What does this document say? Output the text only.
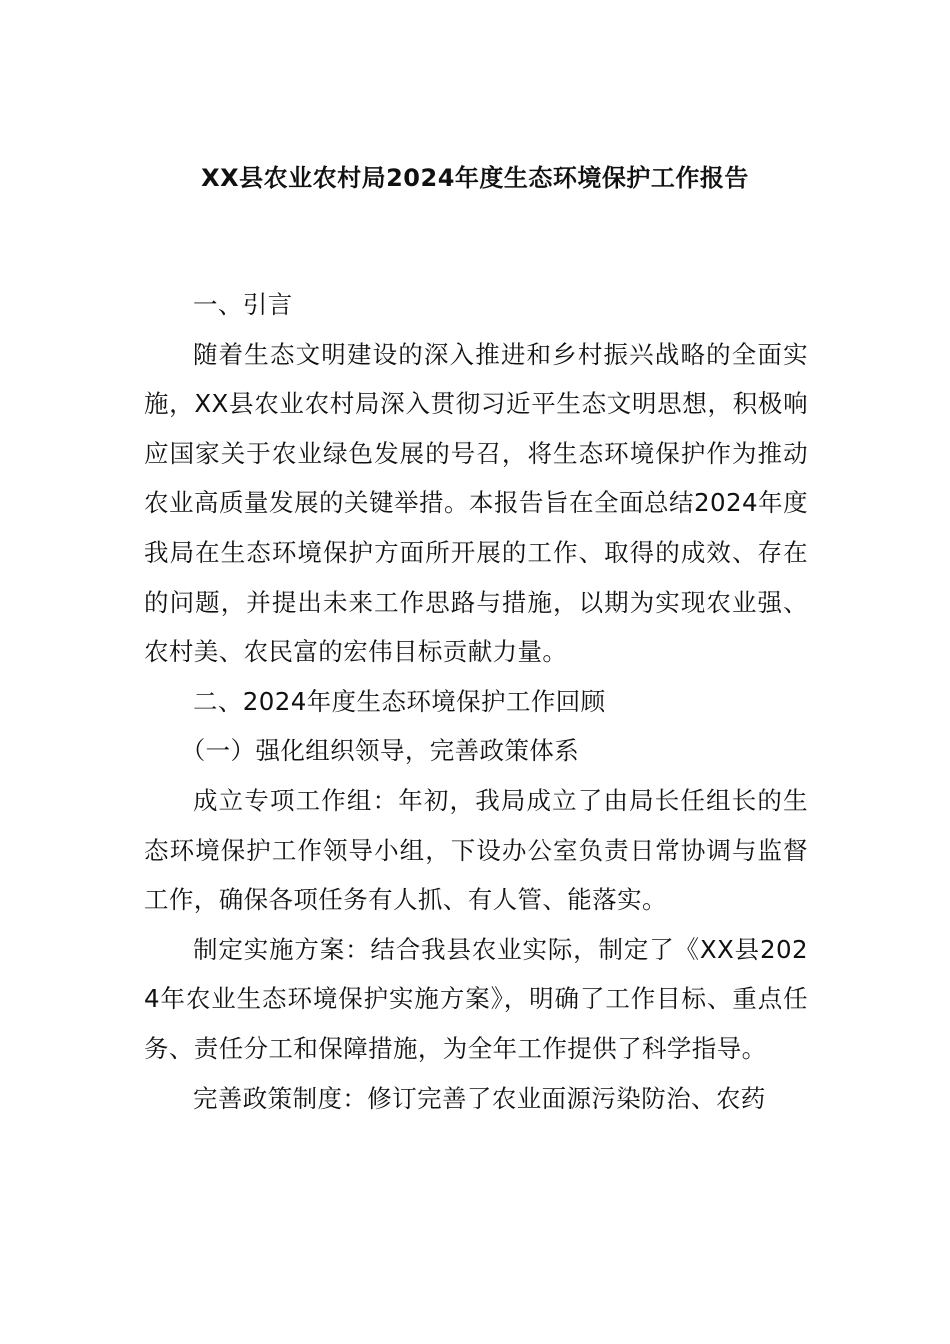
XX县农业农村局2024年度生态环境保护工作报告

一、引言

随着生态文明建设的深入推进和乡村振兴战略的全面实施，XX县农业农村局深入贯彻习近平生态文明思想，积极响应国家关于农业绿色发展的号召，将生态环境保护作为推动农业高质量发展的关键举措。本报告旨在全面总结2024年度我局在生态环境保护方面所开展的工作、取得的成效、存在的问题，并提出未来工作思路与措施，以期为实现农业强、农村美、农民富的宏伟目标贡献力量。

二、2024年度生态环境保护工作回顾

（一）强化组织领导，完善政策体系

成立专项工作组：年初，我局成立了由局长任组长的生态环境保护工作领导小组，下设办公室负责日常协调与监督工作，确保各项任务有人抓、有人管、能落实。

制定实施方案：结合我县农业实际，制定了《XX县2024年农业生态环境保护实施方案》，明确了工作目标、重点任务、责任分工和保障措施，为全年工作提供了科学指导。

完善政策制度：修订完善了农业面源污染防治、农药
